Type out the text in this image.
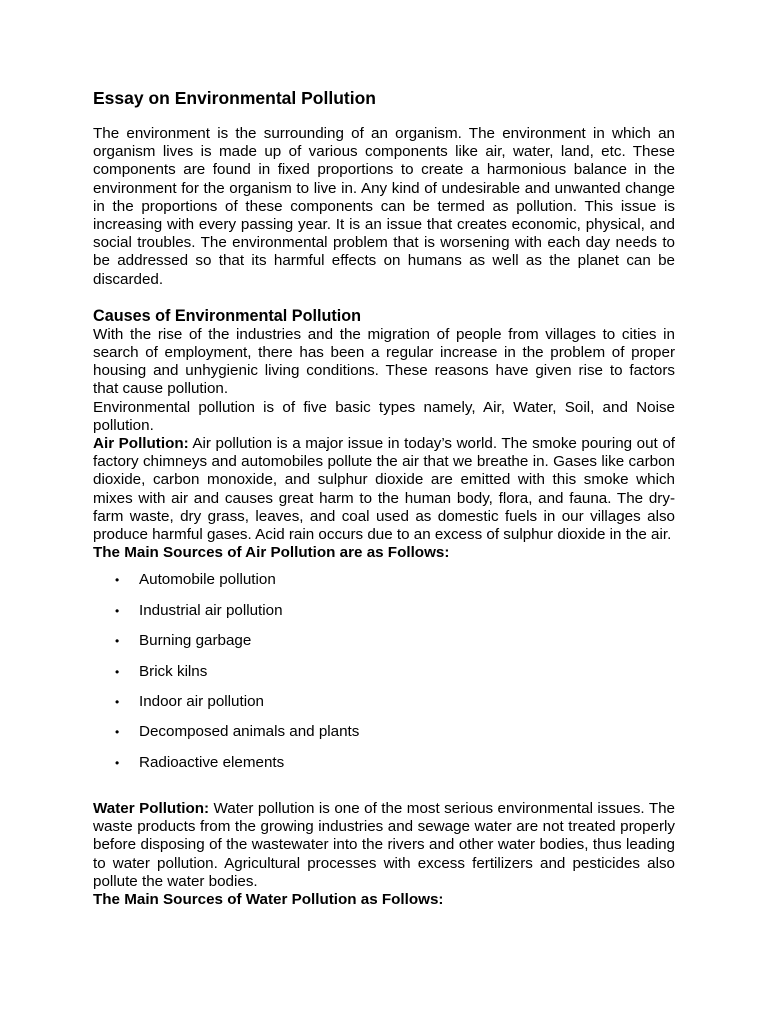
Essay on Environmental Pollution

The environment is the surrounding of an organism. The environment in which an organism lives is made up of various components like air, water, land, etc. These components are found in fixed proportions to create a harmonious balance in the environment for the organism to live in. Any kind of undesirable and unwanted change in the proportions of these components can be termed as pollution. This issue is increasing with every passing year. It is an issue that creates economic, physical, and social troubles. The environmental problem that is worsening with each day needs to be addressed so that its harmful effects on humans as well as the planet can be discarded.

Causes of Environmental Pollution

With the rise of the industries and the migration of people from villages to cities in search of employment, there has been a regular increase in the problem of proper housing and unhygienic living conditions. These reasons have given rise to factors that cause pollution.

Environmental pollution is of five basic types namely, Air, Water, Soil, and Noise pollution.

Air Pollution: Air pollution is a major issue in today’s world. The smoke pouring out of factory chimneys and automobiles pollute the air that we breathe in. Gases like carbon dioxide, carbon monoxide, and sulphur dioxide are emitted with this smoke which mixes with air and causes great harm to the human body, flora, and fauna. The dry-farm waste, dry grass, leaves, and coal used as domestic fuels in our villages also produce harmful gases. Acid rain occurs due to an excess of sulphur dioxide in the air.

The Main Sources of Air Pollution are as Follows:

• Automobile pollution
• Industrial air pollution
• Burning garbage
• Brick kilns
• Indoor air pollution
• Decomposed animals and plants
• Radioactive elements

Water Pollution: Water pollution is one of the most serious environmental issues. The waste products from the growing industries and sewage water are not treated properly before disposing of the wastewater into the rivers and other water bodies, thus leading to water pollution. Agricultural processes with excess fertilizers and pesticides also pollute the water bodies.

The Main Sources of Water Pollution as Follows:
